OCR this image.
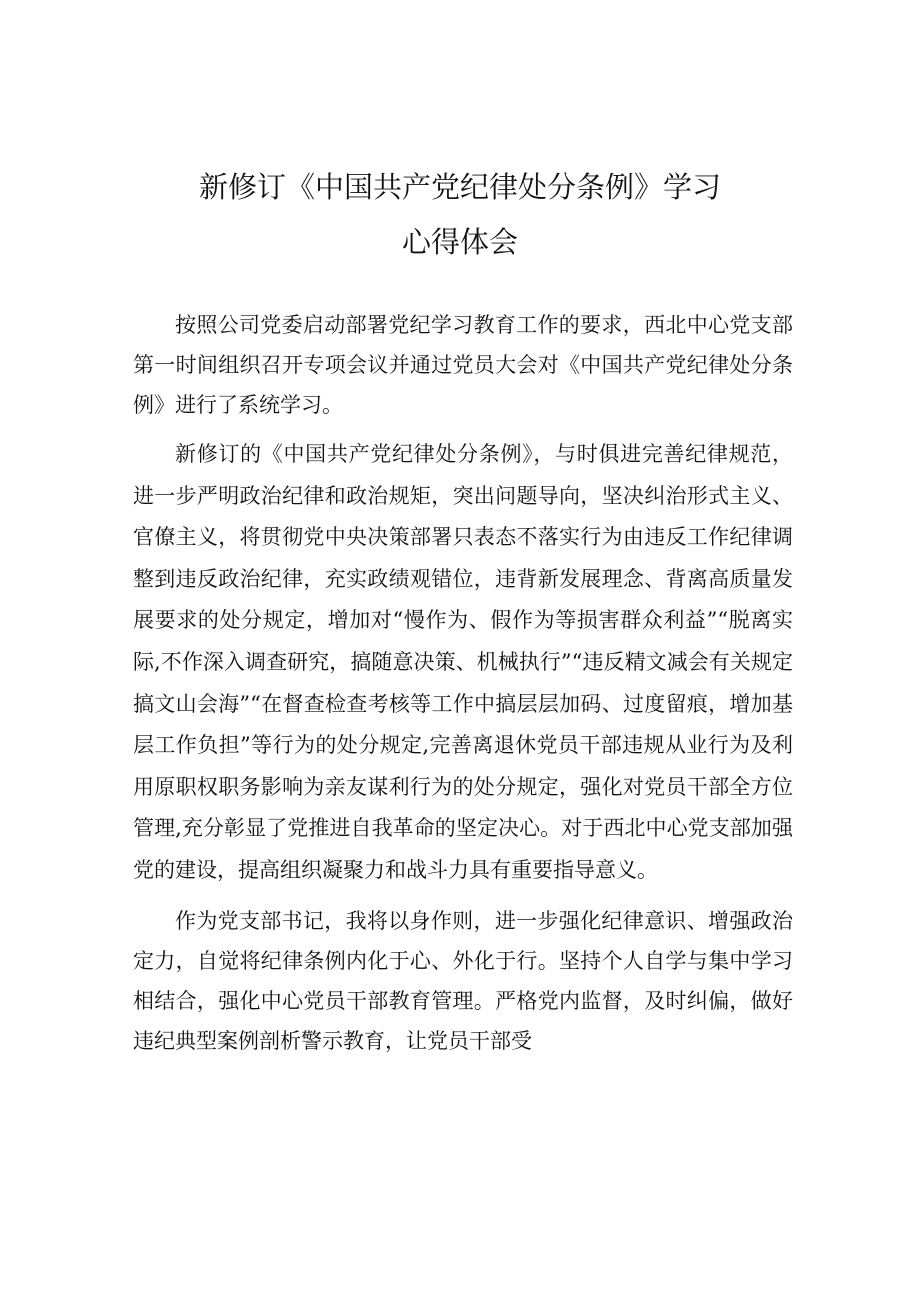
新修订《中国共产党纪律处分条例》学习
心得体会

按照公司党委启动部署党纪学习教育工作的要求，西北中心党支部第一时间组织召开专项会议并通过党员大会对《中国共产党纪律处分条例》进行了系统学习。

新修订的《中国共产党纪律处分条例》，与时俱进完善纪律规范，进一步严明政治纪律和政治规矩，突出问题导向，坚决纠治形式主义、官僚主义，将贯彻党中央决策部署只表态不落实行为由违反工作纪律调整到违反政治纪律，充实政绩观错位，违背新发展理念、背离高质量发展要求的处分规定，增加对“慢作为、假作为等损害群众利益”“脱离实际,不作深入调查研究，搞随意决策、机械执行”“违反精文减会有关规定搞文山会海”“在督查检查考核等工作中搞层层加码、过度留痕，增加基层工作负担”等行为的处分规定,完善离退休党员干部违规从业行为及利用原职权职务影响为亲友谋利行为的处分规定，强化对党员干部全方位管理,充分彰显了党推进自我革命的坚定决心。对于西北中心党支部加强党的建设，提高组织凝聚力和战斗力具有重要指导意义。

作为党支部书记，我将以身作则，进一步强化纪律意识、增强政治定力，自觉将纪律条例内化于心、外化于行。坚持个人自学与集中学习相结合，强化中心党员干部教育管理。严格党内监督，及时纠偏，做好违纪典型案例剖析警示教育，让党员干部受
